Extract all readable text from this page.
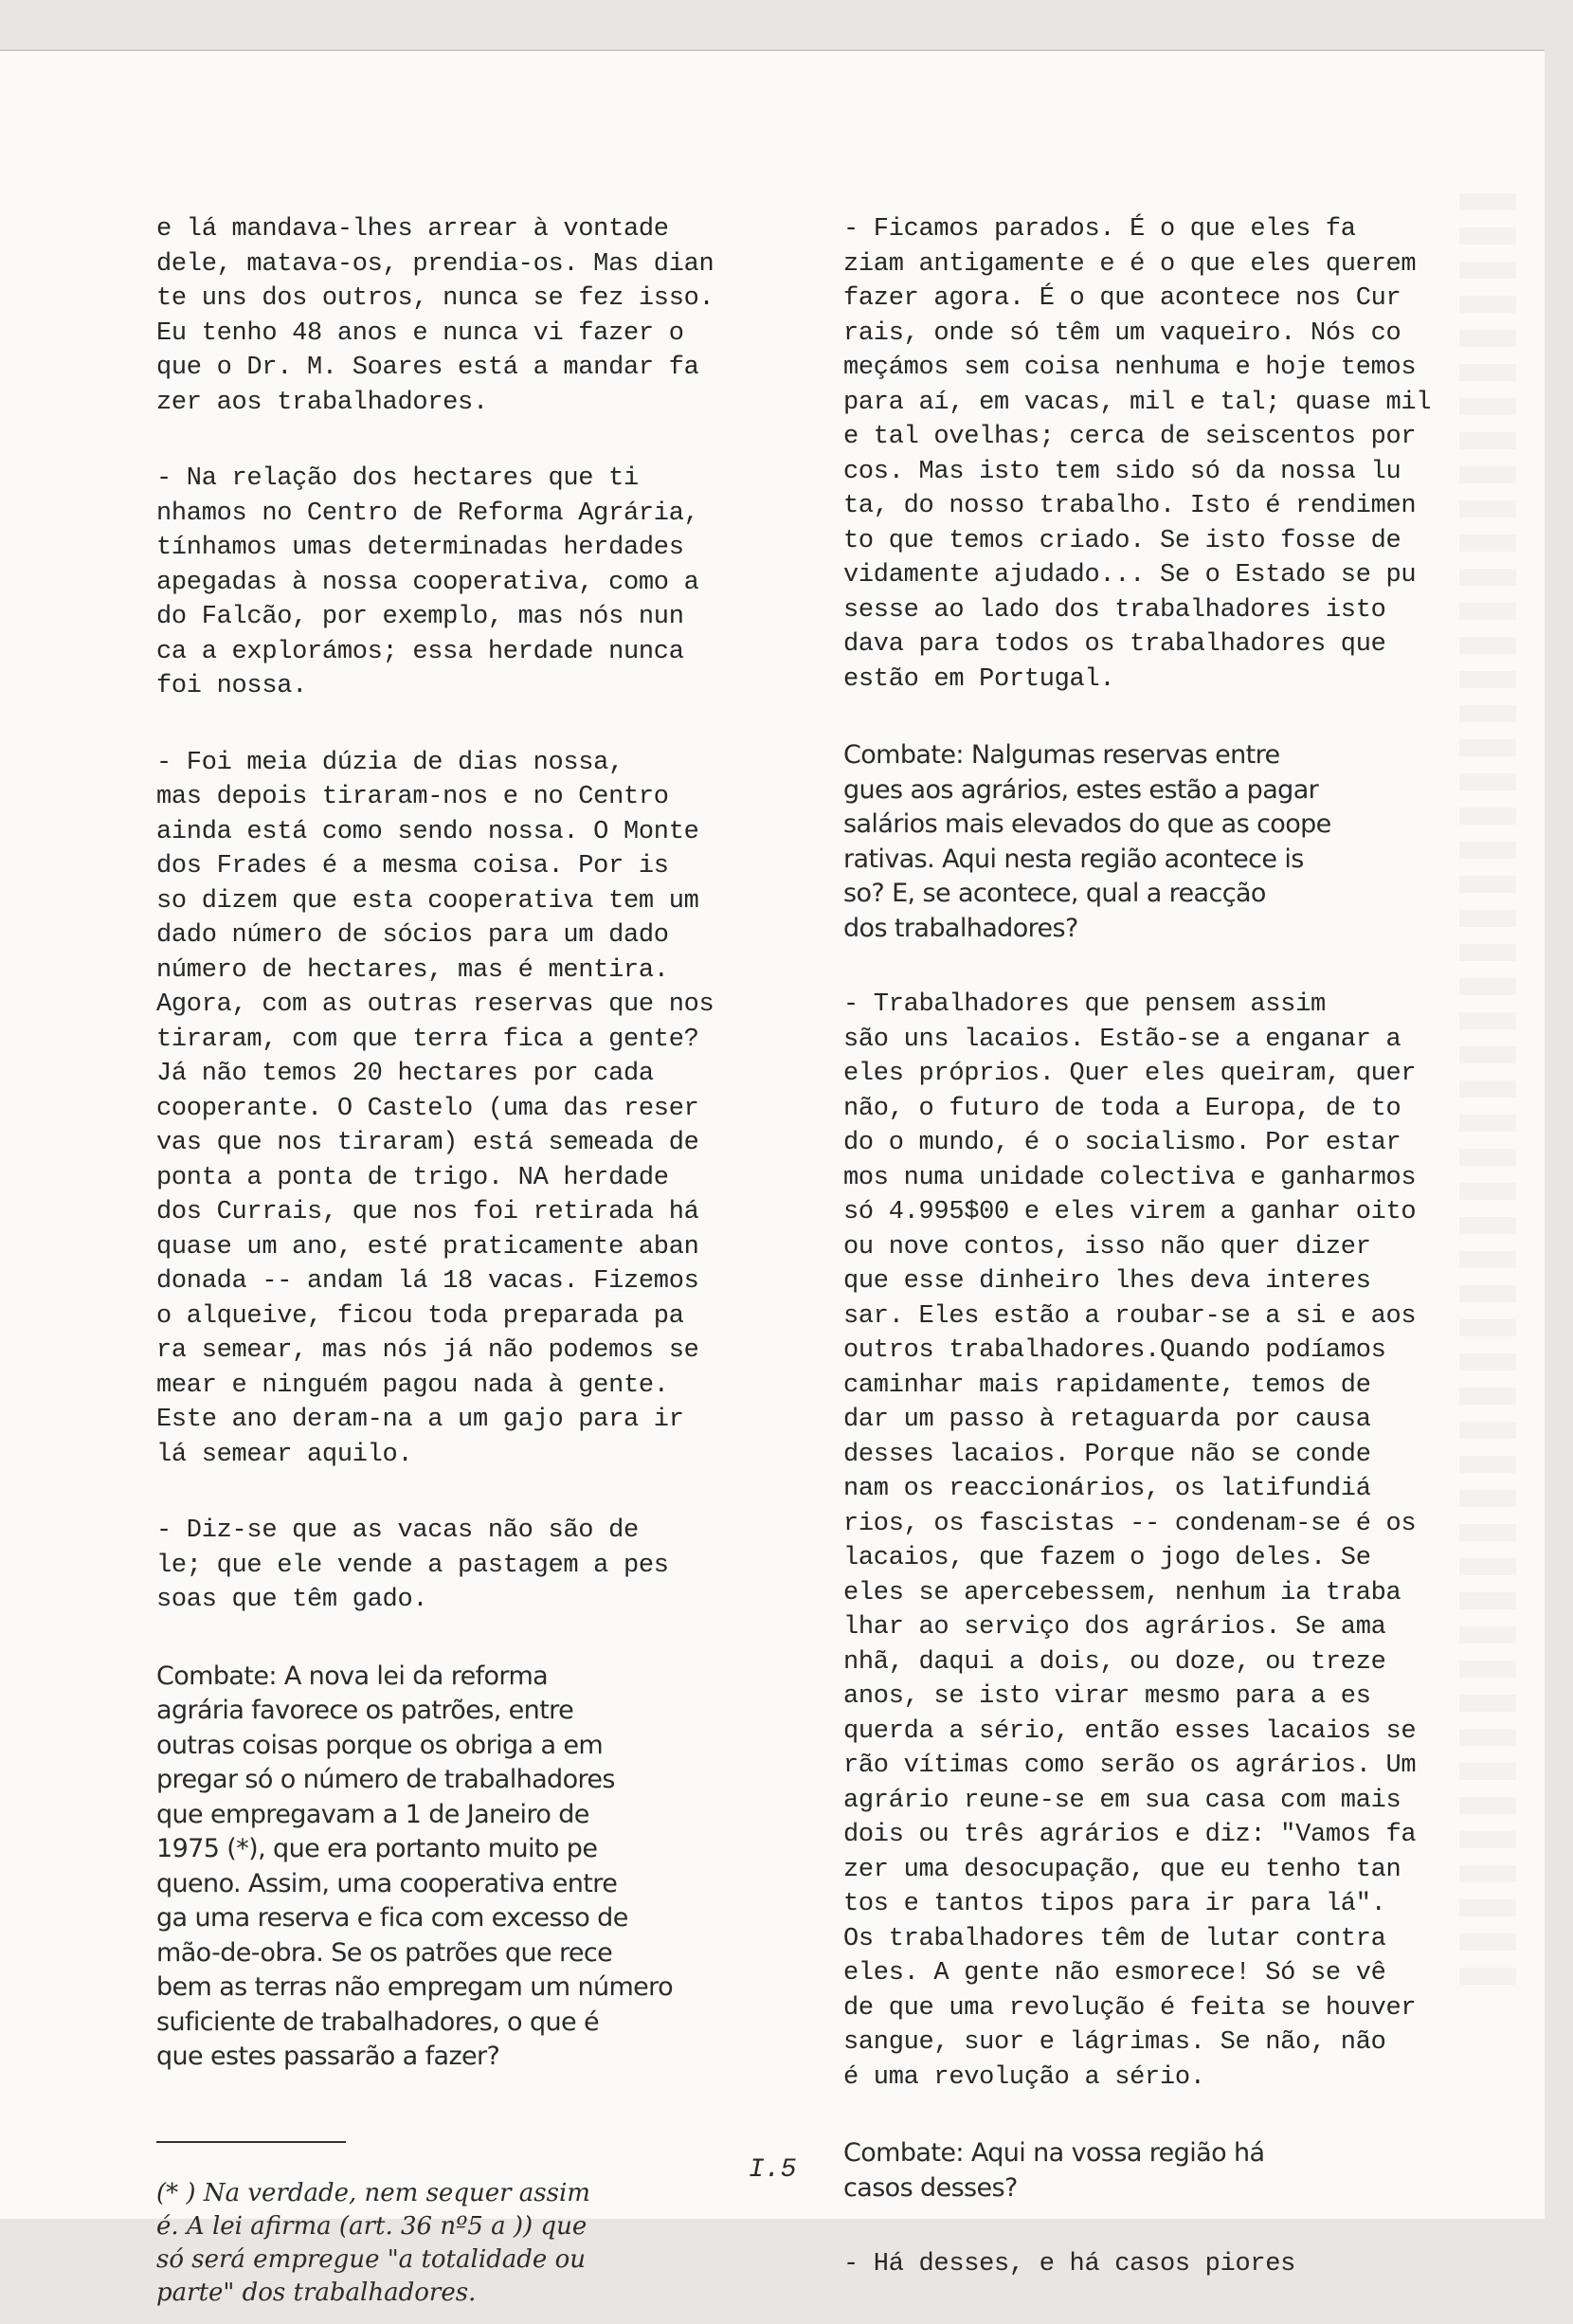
e lá mandava-lhes arrear à vontade
dele, matava-os, prendia-os. Mas dian
te uns dos outros, nunca se fez isso.
Eu tenho 48 anos e nunca vi fazer o
que o Dr. M. Soares está a mandar fa
zer aos trabalhadores.

- Na relação dos hectares que ti
nhamos no Centro de Reforma Agrária,
tínhamos umas determinadas herdades
apegadas à nossa cooperativa, como a
do Falcão, por exemplo, mas nós nun
ca a explorámos; essa herdade nunca
foi nossa.

- Foi meia dúzia de dias nossa,
mas depois tiraram-nos e no Centro
ainda está como sendo nossa. O Monte
dos Frades é a mesma coisa. Por is
so dizem que esta cooperativa tem um
dado número de sócios para um dado
número de hectares, mas é mentira.
Agora, com as outras reservas que nos
tiraram, com que terra fica a gente?
Já não temos 20 hectares por cada
cooperante. O Castelo (uma das reser
vas que nos tiraram) está semeada de
ponta a ponta de trigo. NA herdade
dos Currais, que nos foi retirada há
quase um ano, esté praticamente aban
donada -- andam lá 18 vacas. Fizemos
o alqueive, ficou toda preparada pa
ra semear, mas nós já não podemos se
mear e ninguém pagou nada à gente.
Este ano deram-na a um gajo para ir
lá semear aquilo.

- Diz-se que as vacas não são de
le; que ele vende a pastagem a pes
soas que têm gado.

Combate: A nova lei da reforma
agrária favorece os patrões, entre
outras coisas porque os obriga a em
pregar só o número de trabalhadores
que empregavam a 1 de Janeiro de
1975 (*), que era portanto muito pe
queno. Assim, uma cooperativa entre
ga uma reserva e fica com excesso de
mão-de-obra. Se os patrões que rece
bem as terras não empregam um número
suficiente de trabalhadores, o que é
que estes passarão a fazer?

(* ) Na verdade, nem sequer assim
é. A lei afirma (art. 36 nº5 a )) que
só será empregue "a totalidade ou
parte" dos trabalhadores.

- Ficamos parados. É o que eles fa
ziam antigamente e é o que eles querem
fazer agora. É o que acontece nos Cur
rais, onde só têm um vaqueiro. Nós co
meçámos sem coisa nenhuma e hoje temos
para aí, em vacas, mil e tal; quase mil
e tal ovelhas; cerca de seiscentos por
cos. Mas isto tem sido só da nossa lu
ta, do nosso trabalho. Isto é rendimen
to que temos criado. Se isto fosse de
vidamente ajudado... Se o Estado se pu
sesse ao lado dos trabalhadores isto
dava para todos os trabalhadores que
estão em Portugal.

Combate: Nalgumas reservas entre
gues aos agrários, estes estão a pagar
salários mais elevados do que as coope
rativas. Aqui nesta região acontece is
so? E, se acontece, qual a reacção
dos trabalhadores?

- Trabalhadores que pensem assim
são uns lacaios. Estão-se a enganar a
eles próprios. Quer eles queiram, quer
não, o futuro de toda a Europa, de to
do o mundo, é o socialismo. Por estar
mos numa unidade colectiva e ganharmos
só 4.995$00 e eles virem a ganhar oito
ou nove contos, isso não quer dizer
que esse dinheiro lhes deva interes
sar. Eles estão a roubar-se a si e aos
outros trabalhadores.Quando podíamos
caminhar mais rapidamente, temos de
dar um passo à retaguarda por causa
desses lacaios. Porque não se conde
nam os reaccionários, os latifundiá
rios, os fascistas -- condenam-se é os
lacaios, que fazem o jogo deles. Se
eles se apercebessem, nenhum ia traba
lhar ao serviço dos agrários. Se ama
nhã, daqui a dois, ou doze, ou treze
anos, se isto virar mesmo para a es
querda a sério, então esses lacaios se
rão vítimas como serão os agrários. Um
agrário reune-se em sua casa com mais
dois ou três agrários e diz: "Vamos fa
zer uma desocupação, que eu tenho tan
tos e tantos tipos para ir para lá".
Os trabalhadores têm de lutar contra
eles. A gente não esmorece! Só se vê
de que uma revolução é feita se houver
sangue, suor e lágrimas. Se não, não
é uma revolução a sério.

Combate: Aqui na vossa região há
casos desses?

- Há desses, e há casos piores

I.5
